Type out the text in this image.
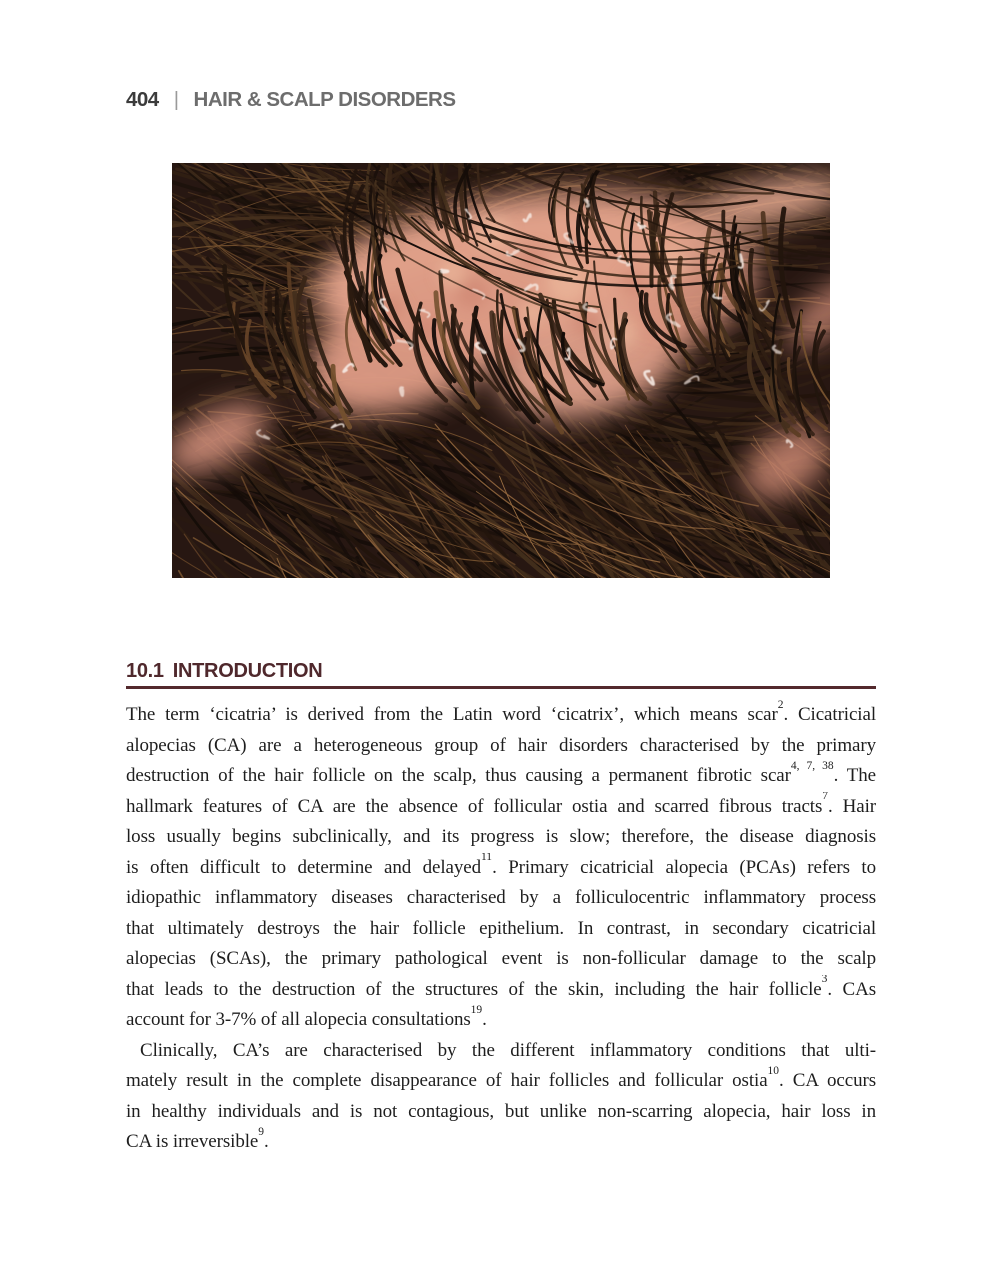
404 | HAIR & SCALP DISORDERS
10.1 INTRODUCTION
The term ‘cicatria’ is derived from the Latin word ‘cicatrix’, which means scar$^2$. Cicatricial
alopecias (CA) are a heterogeneous group of hair disorders characterised by the primary
destruction of the hair follicle on the scalp, thus causing a permanent fibrotic scar$^{4, 7, 38}$. The
hallmark features of CA are the absence of follicular ostia and scarred fibrous tracts$^7$. Hair
loss usually begins subclinically, and its progress is slow; therefore, the disease diagnosis
is often difficult to determine and delayed$^{11}$. Primary cicatricial alopecia (PCAs) refers to
idiopathic inflammatory diseases characterised by a folliculocentric inflammatory process
that ultimately destroys the hair follicle epithelium. In contrast, in secondary cicatricial
alopecias (SCAs), the primary pathological event is non-follicular damage to the scalp
that leads to the destruction of the structures of the skin, including the hair follicle$^3$. CAs
account for 3-7% of all alopecia consultations$^{19}$.
Clinically, CA’s are characterised by the different inflammatory conditions that ulti-
mately result in the complete disappearance of hair follicles and follicular ostia$^{10}$. CA occurs
in healthy individuals and is not contagious, but unlike non-scarring alopecia, hair loss in
CA is irreversible$^9$.
